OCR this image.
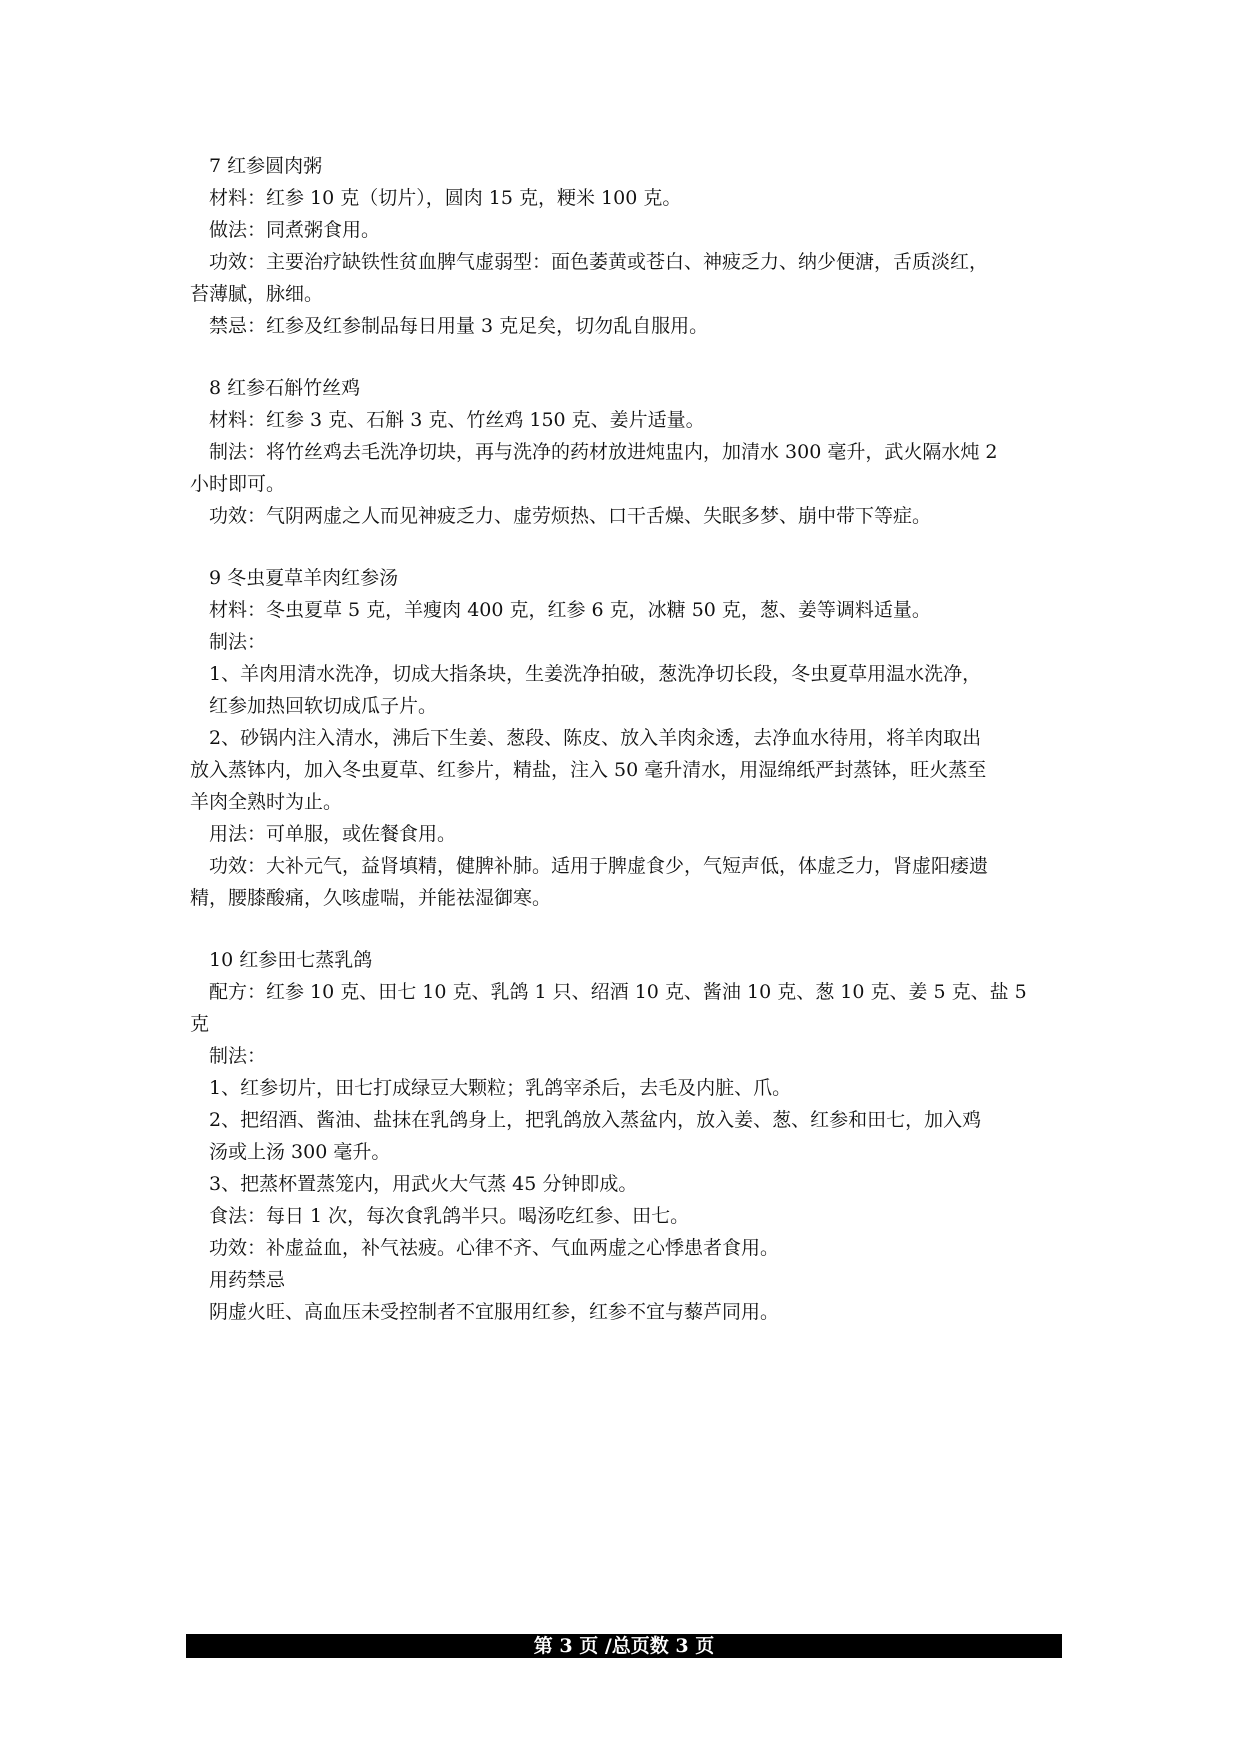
7 红参圆肉粥
材料：红参 10 克（切片），圆肉 15 克，粳米 100 克。
做法：同煮粥食用。
功效：主要治疗缺铁性贫血脾气虚弱型：面色萎黄或苍白、神疲乏力、纳少便溏，舌质淡红，
苔薄腻，脉细。
禁忌：红参及红参制品每日用量 3 克足矣，切勿乱自服用。
8 红参石斛竹丝鸡
材料：红参 3 克、石斛 3 克、竹丝鸡 150 克、姜片适量。
制法：将竹丝鸡去毛洗净切块，再与洗净的药材放进炖盅内，加清水 300 毫升，武火隔水炖 2
小时即可。
功效：气阴两虚之人而见神疲乏力、虚劳烦热、口干舌燥、失眠多梦、崩中带下等症。
9 冬虫夏草羊肉红参汤
材料：冬虫夏草 5 克，羊瘦肉 400 克，红参 6 克，冰糖 50 克，葱、姜等调料适量。
制法：
1、羊肉用清水洗净，切成大指条块，生姜洗净拍破，葱洗净切长段，冬虫夏草用温水洗净，
红参加热回软切成瓜子片。
2、砂锅内注入清水，沸后下生姜、葱段、陈皮、放入羊肉汆透，去净血水待用，将羊肉取出
放入蒸钵内，加入冬虫夏草、红参片，精盐，注入 50 毫升清水，用湿绵纸严封蒸钵，旺火蒸至
羊肉全熟时为止。
用法：可单服，或佐餐食用。
功效：大补元气，益肾填精，健脾补肺。适用于脾虚食少，气短声低，体虚乏力，肾虚阳痿遗
精，腰膝酸痛，久咳虚喘，并能祛湿御寒。
10 红参田七蒸乳鸽
配方：红参 10 克、田七 10 克、乳鸽 1 只、绍酒 10 克、酱油 10 克、葱 10 克、姜 5 克、盐 5
克
制法：
1、红参切片，田七打成绿豆大颗粒；乳鸽宰杀后，去毛及内脏、爪。
2、把绍酒、酱油、盐抹在乳鸽身上，把乳鸽放入蒸盆内，放入姜、葱、红参和田七，加入鸡
汤或上汤 300 毫升。
3、把蒸杯置蒸笼内，用武火大气蒸 45 分钟即成。
食法：每日 1 次，每次食乳鸽半只。喝汤吃红参、田七。
功效：补虚益血，补气祛疲。心律不齐、气血两虚之心悸患者食用。
用药禁忌
阴虚火旺、高血压未受控制者不宜服用红参，红参不宜与藜芦同用。
第 3 页 /总页数 3 页
